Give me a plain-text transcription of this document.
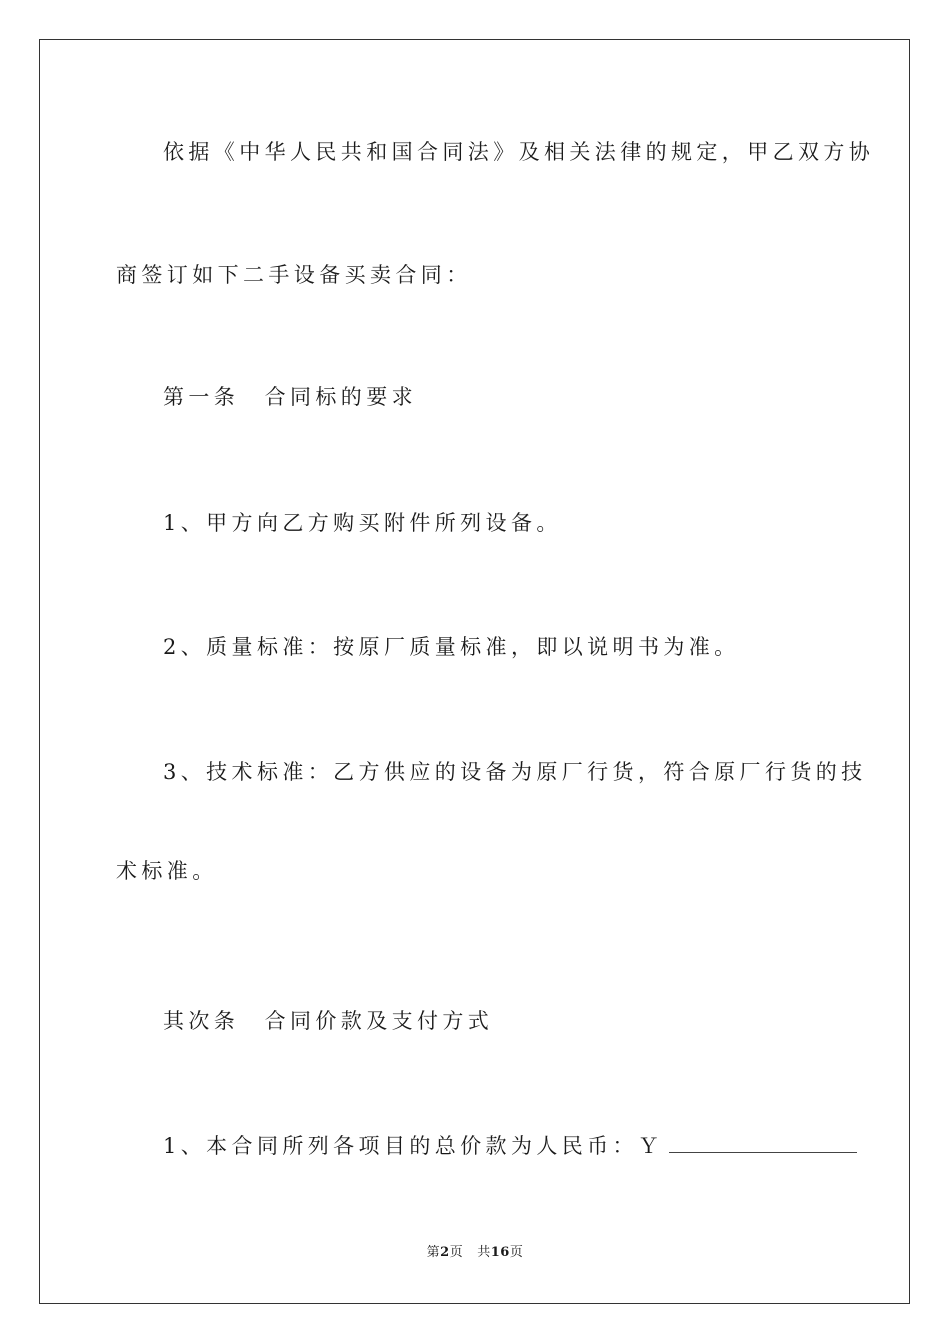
依据《中华人民共和国合同法》及相关法律的规定，甲乙双方协
商签订如下二手设备买卖合同：
第一条　合同标的要求
1、甲方向乙方购买附件所列设备。
2、质量标准：按原厂质量标准，即以说明书为准。
3、技术标准：乙方供应的设备为原厂行货，符合原厂行货的技
术标准。
其次条　合同价款及支付方式
1、本合同所列各项目的总价款为人民币：Ｙ
第2页 共16页
